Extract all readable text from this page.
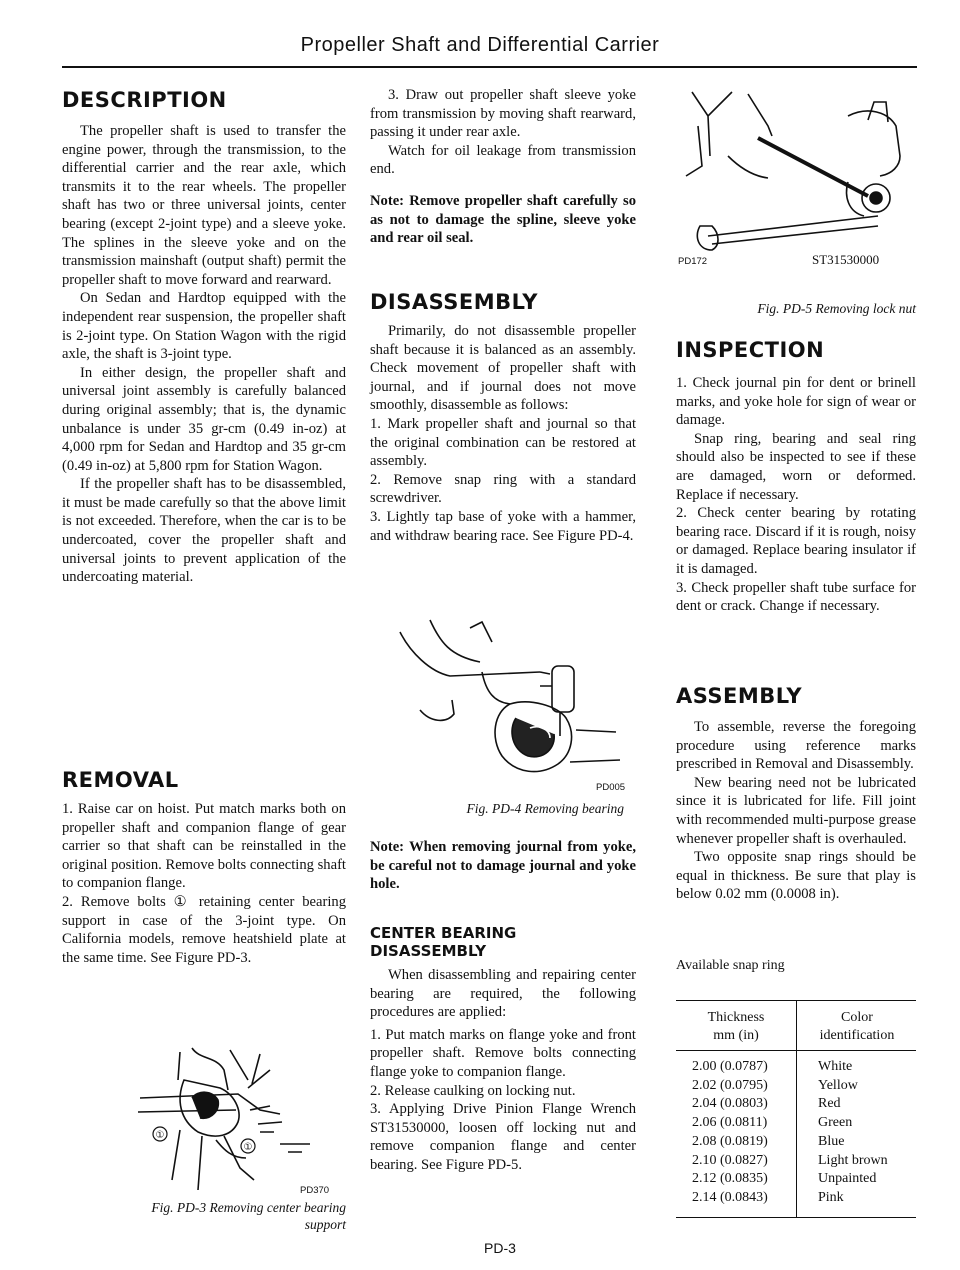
Propeller Shaft and Differential Carrier
DESCRIPTION

The propeller shaft is used to transfer the engine power, through the transmission, to the differential carrier and the rear axle, which transmits it to the rear wheels. The propeller shaft has two or three universal joints, center bearing (except 2-joint type) and a sleeve yoke. The splines in the sleeve yoke and on the transmission mainshaft (output shaft) permit the propeller shaft to move forward and rearward.

On Sedan and Hardtop equipped with the independent rear suspension, the propeller shaft is 2-joint type. On Station Wagon with the rigid axle, the shaft is 3-joint type.

In either design, the propeller shaft and universal joint assembly is carefully balanced during original assembly; that is, the dynamic unbalance is under 35 gr-cm (0.49 in-oz) at 4,000 rpm for Sedan and Hardtop and 35 gr-cm (0.49 in-oz) at 5,800 rpm for Station Wagon.

If the propeller shaft has to be disassembled, it must be made carefully so that the above limit is not exceeded. Therefore, when the car is to be undercoated, cover the propeller shaft and universal joints to prevent application of the undercoating material.

REMOVAL

1. Raise car on hoist. Put match marks both on propeller shaft and companion flange of gear carrier so that shaft can be reinstalled in the original position. Remove bolts connecting shaft to companion flange.

2. Remove bolts ① retaining center bearing support in case of the 3-joint type. On California models, remove heatshield plate at the same time. See Figure PD-3.

①
①
PD370
Fig. PD-3 Removing center bearing
support

3. Draw out propeller shaft sleeve yoke from transmission by moving shaft rearward, passing it under rear axle.

Watch for oil leakage from transmission end.

Note: Remove propeller shaft carefully so as not to damage the spline, sleeve yoke and rear oil seal.
DISASSEMBLY

Primarily, do not disassemble propeller shaft because it is balanced as an assembly. Check movement of propeller shaft with journal, and if journal does not move smoothly, disassemble as follows:

1. Mark propeller shaft and journal so that the original combination can be restored at assembly.

2. Remove snap ring with a standard screwdriver.

3. Lightly tap base of yoke with a hammer, and withdraw bearing race. See Figure PD-4.

PD005
Fig. PD-4 Removing bearing
Note: When removing journal from yoke, be careful not to damage journal and yoke hole.
CENTER BEARING
DISASSEMBLY

When disassembling and repairing center bearing are required, the following procedures are applied:

1. Put match marks on flange yoke and front propeller shaft. Remove bolts connecting flange yoke to companion flange.

2. Release caulking on locking nut.

3. Applying Drive Pinion Flange Wrench ST31530000, loosen off locking nut and remove companion flange and center bearing. See Figure PD-5.

PD-3
PD172	ST31530000
Fig. PD-5 Removing lock nut
INSPECTION

1. Check journal pin for dent or brinell marks, and yoke hole for sign of wear or damage.

Snap ring, bearing and seal ring should also be inspected to see if these are damaged, worn or deformed. Replace if necessary.

2. Check center bearing by rotating bearing race. Discard if it is rough, noisy or damaged. Replace bearing insulator if it is damaged.

3. Check propeller shaft tube surface for dent or crack. Change if necessary.

ASSEMBLY

To assemble, reverse the foregoing procedure using reference marks prescribed in Removal and Disassembly.

New bearing need not be lubricated since it is lubricated for life. Fill joint with recommended multi-purpose grease whenever propeller shaft is overhauled.

Two opposite snap rings should be equal in thickness. Be sure that play is below 0.02 mm (0.0008 in).

Available snap ring
Thickness
mm (in)
Color
identification
2.00 (0.0787)
2.02 (0.0795)
2.04 (0.0803)
2.06 (0.0811)
2.08 (0.0819)
2.10 (0.0827)
2.12 (0.0835)
2.14 (0.0843)
White
Yellow
Red
Green
Blue
Light brown
Unpainted
Pink
